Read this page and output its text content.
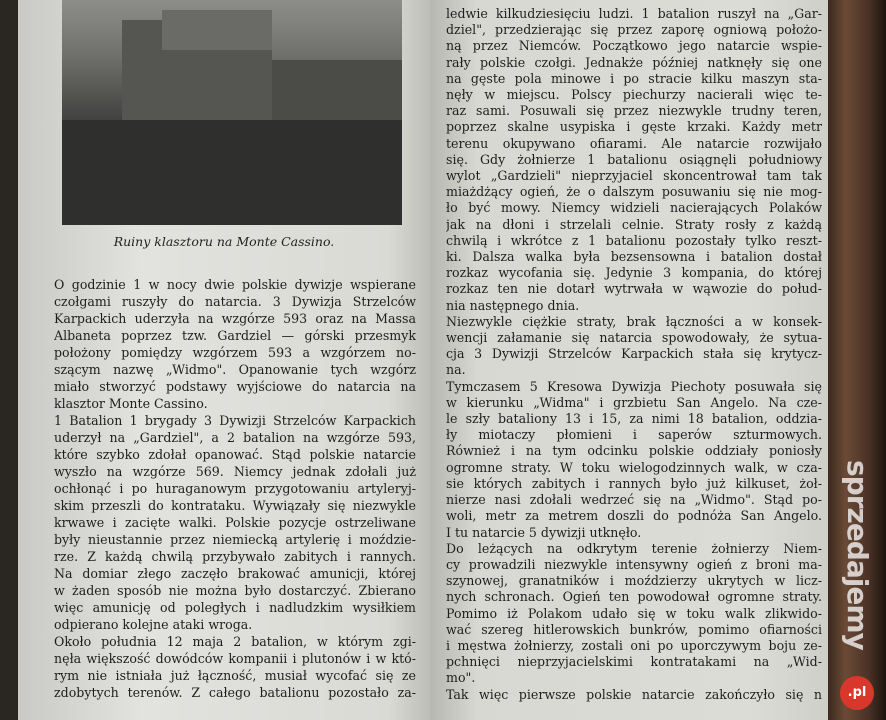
Ruiny klasztoru na Monte Cassino.
O godzinie 1 w nocy dwie polskie dywizje wspierane
czołgami ruszyły do natarcia. 3 Dywizja Strzelców
Karpackich uderzyła na wzgórze 593 oraz na Massa
Albaneta poprzez tzw. Gardziel — górski przesmyk
położony pomiędzy wzgórzem 593 a wzgórzem no-
szącym nazwę „Widmo". Opanowanie tych wzgórz
miało stworzyć podstawy wyjściowe do natarcia na
klasztor Monte Cassino.
1 Batalion 1 brygady 3 Dywizji Strzelców Karpackich
uderzył na „Gardziel", a 2 batalion na wzgórze 593,
które szybko zdołał opanować. Stąd polskie natarcie
wyszło na wzgórze 569. Niemcy jednak zdołali już
ochłonąć i po huraganowym przygotowaniu artyleryj-
skim przeszli do kontrataku. Wywiązały się niezwykle
krwawe i zacięte walki. Polskie pozycje ostrzeliwane
były nieustannie przez niemiecką artylerię i moździe-
rze. Z każdą chwilą przybywało zabitych i rannych.
Na domiar złego zaczęło brakować amunicji, której
w żaden sposób nie można było dostarczyć. Zbierano
więc amunicję od poległych i nadludzkim wysiłkiem
odpierano kolejne ataki wroga.
Około południa 12 maja 2 batalion, w którym zgi-
nęła większość dowódców kompanii i plutonów i w któ-
rym nie istniała już łączność, musiał wycofać się ze
zdobytych terenów. Z całego batalionu pozostało za-
ledwie kilkudziesięciu ludzi. 1 batalion ruszył na „Gar-
dziel", przedzierając się przez zaporę ogniową położo-
ną przez Niemców. Początkowo jego natarcie wspie-
rały polskie czołgi. Jednakże później natknęły się one
na gęste pola minowe i po stracie kilku maszyn sta-
nęły w miejscu. Polscy piechurzy nacierali więc te-
raz sami. Posuwali się przez niezwykle trudny teren,
poprzez skalne usypiska i gęste krzaki. Każdy metr
terenu okupywano ofiarami. Ale natarcie rozwijało
się. Gdy żołnierze 1 batalionu osiągnęli południowy
wylot „Gardzieli" nieprzyjaciel skoncentrował tam tak
miażdżący ogień, że o dalszym posuwaniu się nie mog-
ło być mowy. Niemcy widzieli nacierających Polaków
jak na dłoni i strzelali celnie. Straty rosły z każdą
chwilą i wkrótce z 1 batalionu pozostały tylko reszt-
ki. Dalsza walka była bezsensowna i batalion dostał
rozkaz wycofania się. Jedynie 3 kompania, do której
rozkaz ten nie dotarł wytrwała w wąwozie do połud-
nia następnego dnia.
Niezwykle ciężkie straty, brak łączności a w konsek-
wencji załamanie się natarcia spowodowały, że sytua-
cja 3 Dywizji Strzelców Karpackich stała się krytycz-
na.
Tymczasem 5 Kresowa Dywizja Piechoty posuwała się
w kierunku „Widma" i grzbietu San Angelo. Na cze-
le szły bataliony 13 i 15, za nimi 18 batalion, oddzia-
ły miotaczy płomieni i saperów szturmowych.
Również i na tym odcinku polskie oddziały poniosły
ogromne straty. W toku wielogodzinnych walk, w cza-
sie których zabitych i rannych było już kilkuset, żoł-
nierze nasi zdołali wedrzeć się na „Widmo". Stąd po-
woli, metr za metrem doszli do podnóża San Angelo.
I tu natarcie 5 dywizji utknęło.
Do leżących na odkrytym terenie żołnierzy Niem-
cy prowadzili niezwykle intensywny ogień z broni ma-
szynowej, granatników i moździerzy ukrytych w licz-
nych schronach. Ogień ten powodował ogromne straty.
Pomimo iż Polakom udało się w toku walk zlikwido-
wać szereg hitlerowskich bunkrów, pomimo ofiarności
i męstwa żołnierzy, zostali oni po uporczywym boju ze-
pchnięci nieprzyjacielskimi kontratakami na „Wid-
mo".
Tak więc pierwsze polskie natarcie zakończyło się n
sprzedajemy
.pl
